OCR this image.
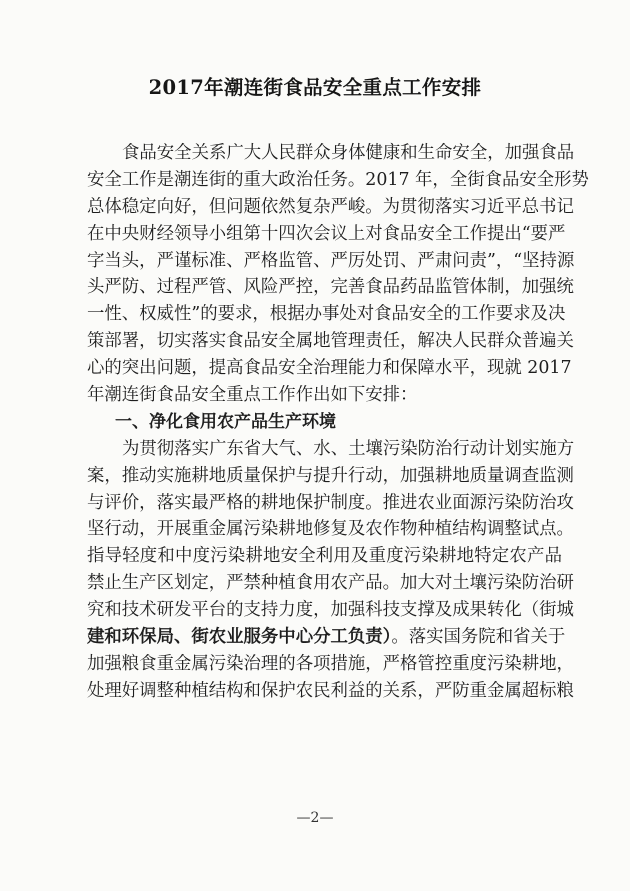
2017年潮连街食品安全重点工作安排
食品安全关系广大人民群众身体健康和生命安全，加强食品
安全工作是潮连街的重大政治任务。2017 年，全街食品安全形势
总体稳定向好，但问题依然复杂严峻。为贯彻落实习近平总书记
在中央财经领导小组第十四次会议上对食品安全工作提出“要严
字当头，严谨标准、严格监管、严厉处罚、严肃问责”，“坚持源
头严防、过程严管、风险严控，完善食品药品监管体制，加强统
一性、权威性”的要求，根据办事处对食品安全的工作要求及决
策部署，切实落实食品安全属地管理责任，解决人民群众普遍关
心的突出问题，提高食品安全治理能力和保障水平，现就 2017
年潮连街食品安全重点工作作出如下安排：
一、净化食用农产品生产环境
为贯彻落实广东省大气、水、土壤污染防治行动计划实施方
案，推动实施耕地质量保护与提升行动，加强耕地质量调查监测
与评价，落实最严格的耕地保护制度。推进农业面源污染防治攻
坚行动，开展重金属污染耕地修复及农作物种植结构调整试点。
指导轻度和中度污染耕地安全利用及重度污染耕地特定农产品
禁止生产区划定，严禁种植食用农产品。加大对土壤污染防治研
究和技术研发平台的支持力度，加强科技支撑及成果转化（街城
建和环保局、街农业服务中心分工负责）。落实国务院和省关于
加强粮食重金属污染治理的各项措施，严格管控重度污染耕地，
处理好调整种植结构和保护农民利益的关系，严防重金属超标粮
—2—
